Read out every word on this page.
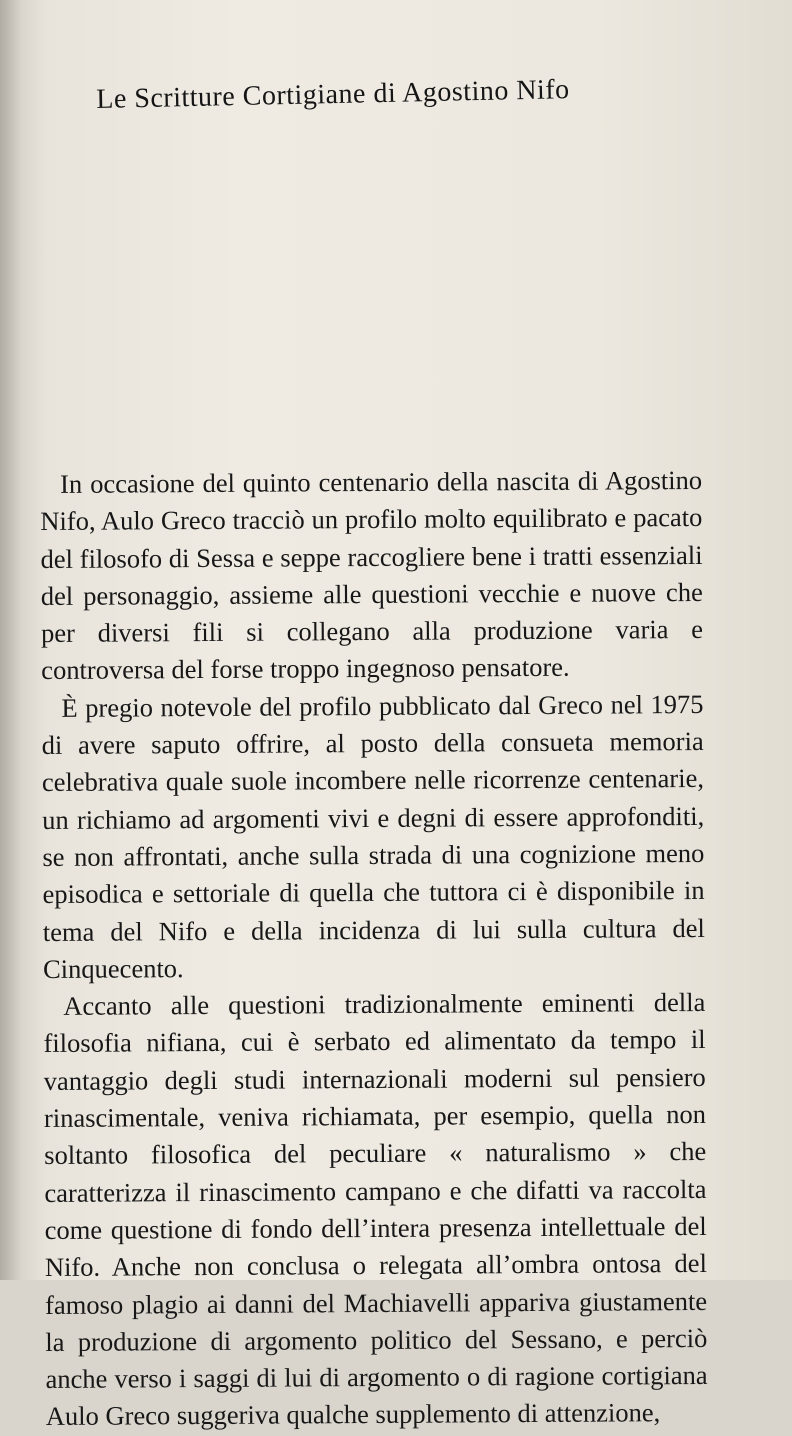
Le Scritture Cortigiane di Agostino Nifo

In occasione del quinto centenario della nascita di Agostino Nifo, Aulo Greco tracciò un profilo molto equilibrato e pacato del filosofo di Sessa e seppe raccogliere bene i tratti essenziali del personaggio, assieme alle questioni vecchie e nuove che per diversi fili si collegano alla produzione varia e controversa del forse troppo ingegnoso pensatore.

È pregio notevole del profilo pubblicato dal Greco nel 1975 di avere saputo offrire, al posto della consueta memoria celebrativa quale suole incombere nelle ricorrenze centenarie, un richiamo ad argomenti vivi e degni di essere approfonditi, se non affrontati, anche sulla strada di una cognizione meno episodica e settoriale di quella che tuttora ci è disponibile in tema del Nifo e della incidenza di lui sulla cultura del Cinquecento.

Accanto alle questioni tradizionalmente eminenti della filosofia nifiana, cui è serbato ed alimentato da tempo il vantaggio degli studi internazionali moderni sul pensiero rinascimentale, veniva richiamata, per esempio, quella non soltanto filosofica del peculiare « naturalismo » che caratterizza il rinascimento campano e che difatti va raccolta come questione di fondo dell’intera presenza intellettuale del Nifo. Anche non conclusa o relegata all’ombra ontosa del famoso plagio ai danni del Machiavelli appariva giustamente la produzione di argomento politico del Sessano, e perciò anche verso i saggi di lui di argomento o di ragione cortigiana Aulo Greco suggeriva qualche supplemento di attenzione,
